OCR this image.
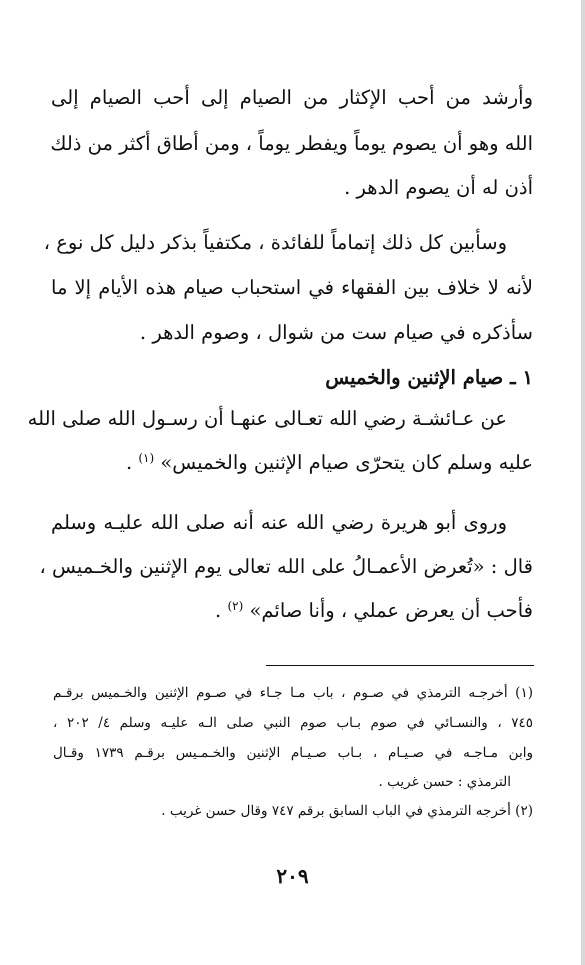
وأرشد من أحب الإكثار من الصيام إلى أحب الصيام إلى
الله وهو أن يصوم يوماً ويفطر يوماً ، ومن أطاق أكثر من ذلك
أذن له أن يصوم الدهر .
وسأبين كل ذلك إتماماً للفائدة ، مكتفياً بذكر دليل كل نوع ،
لأنه لا خلاف بين الفقهاء في استحباب صيام هذه الأيام إلا ما
سأذكره في صيام ست من شوال ، وصوم الدهر .
١ ـ صيام الإثنين والخميس
عن عـائشـة رضي الله تعـالى عنهـا أن رسـول الله صلى الله
عليه وسلم كان يتحرّى صيام الإثنين والخميس» $^{(١)}$ .
وروى أبو هريرة رضي الله عنه أنه صلى الله عليـه وسلم
قال : «تُعرض الأعمـالُ على الله تعالى يوم الإثنين والخـميس ،
فأحب أن يعرض عملي ، وأنا صائم» $^{(٢)}$ .
(١) أخرجـه الترمذي في صـوم ، باب مـا جـاء في صـوم الإثنين والخـميس برقـم
٧٤٥ ، والنسـائي في صوم بـاب صوم النبي صلى الـه عليـه وسلم ٤/ ٢٠٢ ،
وابن مـاجـه في صـيـام ، بـاب صـيـام الإثنين والخـمـيس برقـم ١٧٣٩ وقـال
الترمذي : حسن غريب .
(٢) أخرجه الترمذي في الباب السابق برقم ٧٤٧ وقال حسن غريب .
٢٠٩
